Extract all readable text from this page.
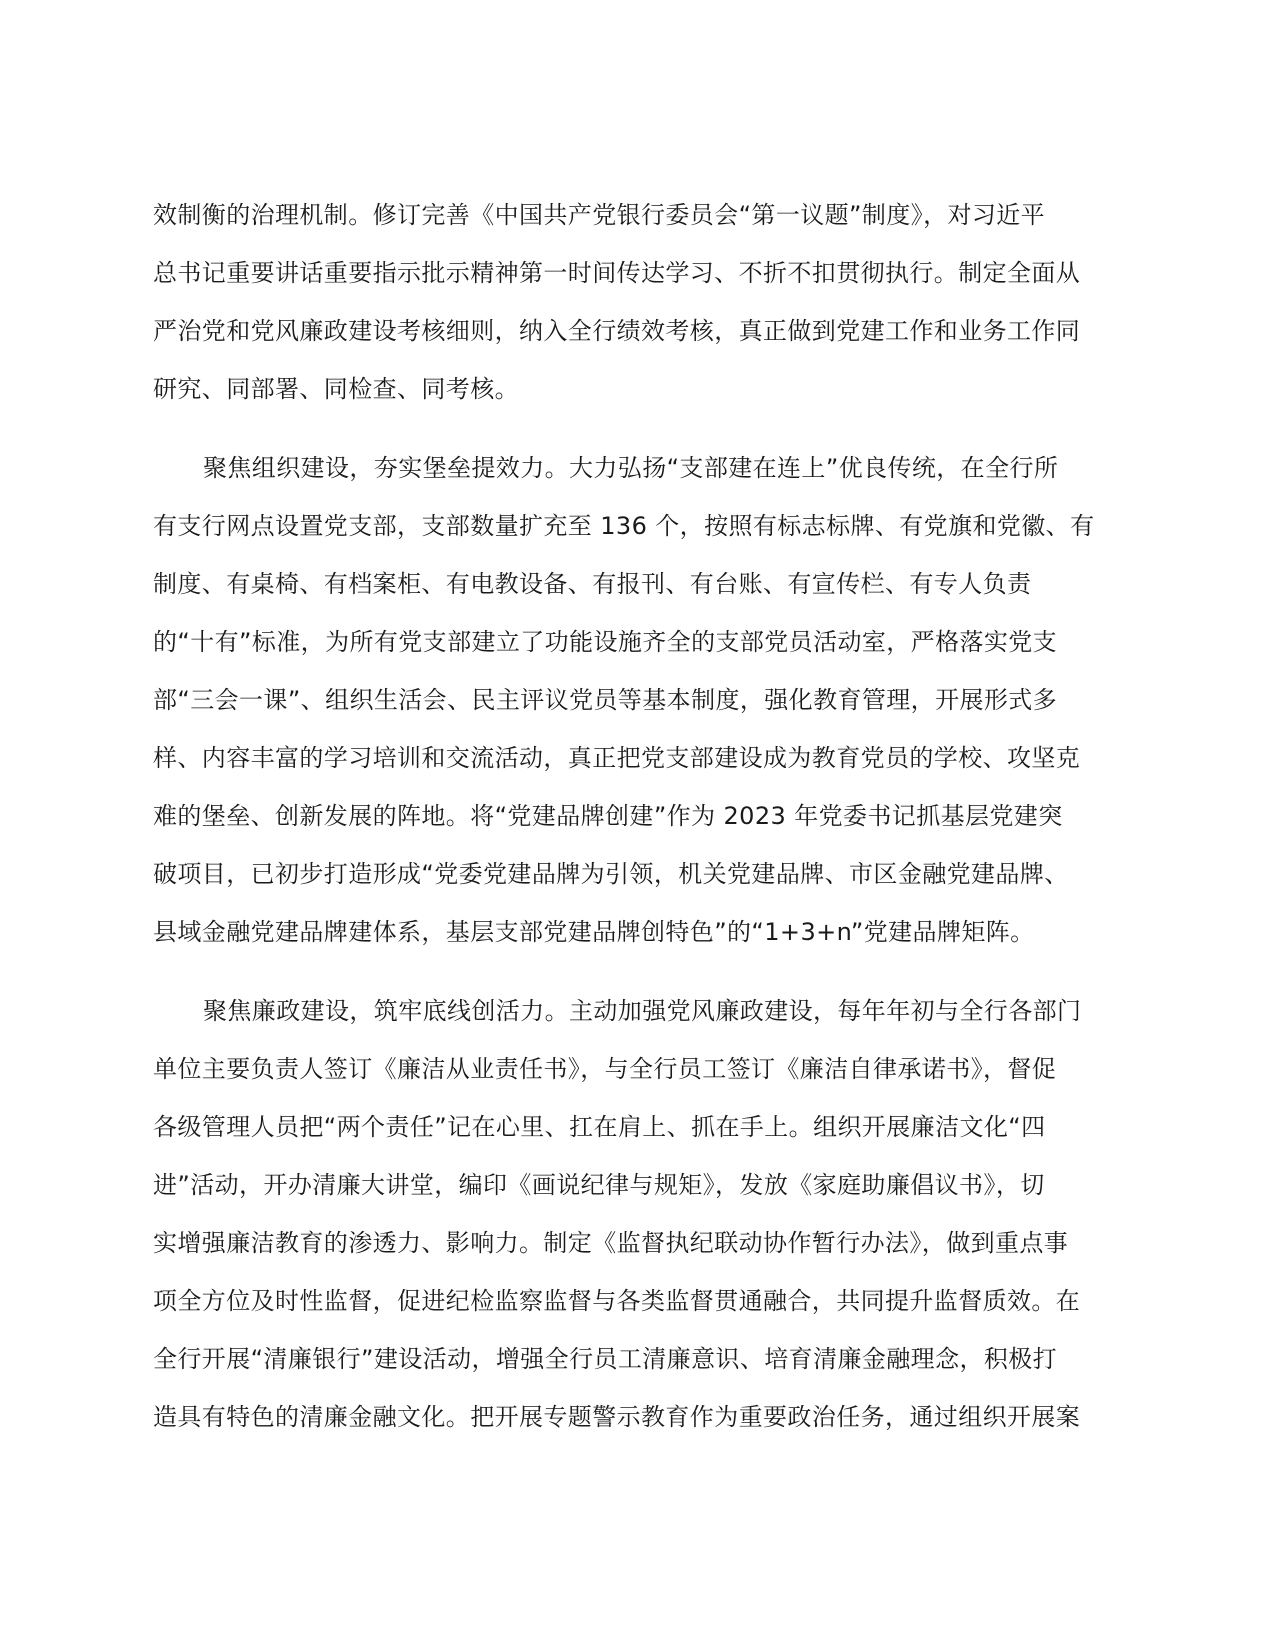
效制衡的治理机制。修订完善《中国共产党银行委员会“第一议题”制度》，对习近平
总书记重要讲话重要指示批示精神第一时间传达学习、不折不扣贯彻执行。制定全面从
严治党和党风廉政建设考核细则，纳入全行绩效考核，真正做到党建工作和业务工作同
研究、同部署、同检查、同考核。
聚焦组织建设，夯实堡垒提效力。大力弘扬“支部建在连上”优良传统，在全行所
有支行网点设置党支部，支部数量扩充至 136 个，按照有标志标牌、有党旗和党徽、有
制度、有桌椅、有档案柜、有电教设备、有报刊、有台账、有宣传栏、有专人负责
的“十有”标准，为所有党支部建立了功能设施齐全的支部党员活动室，严格落实党支
部“三会一课”、组织生活会、民主评议党员等基本制度，强化教育管理，开展形式多
样、内容丰富的学习培训和交流活动，真正把党支部建设成为教育党员的学校、攻坚克
难的堡垒、创新发展的阵地。将“党建品牌创建”作为 2023 年党委书记抓基层党建突
破项目，已初步打造形成“党委党建品牌为引领，机关党建品牌、市区金融党建品牌、
县域金融党建品牌建体系，基层支部党建品牌创特色”的“1+3+n”党建品牌矩阵。
聚焦廉政建设，筑牢底线创活力。主动加强党风廉政建设，每年年初与全行各部门
单位主要负责人签订《廉洁从业责任书》，与全行员工签订《廉洁自律承诺书》，督促
各级管理人员把“两个责任”记在心里、扛在肩上、抓在手上。组织开展廉洁文化“四
进”活动，开办清廉大讲堂，编印《画说纪律与规矩》，发放《家庭助廉倡议书》，切
实增强廉洁教育的渗透力、影响力。制定《监督执纪联动协作暂行办法》，做到重点事
项全方位及时性监督，促进纪检监察监督与各类监督贯通融合，共同提升监督质效。在
全行开展“清廉银行”建设活动，增强全行员工清廉意识、培育清廉金融理念，积极打
造具有特色的清廉金融文化。把开展专题警示教育作为重要政治任务，通过组织开展案
